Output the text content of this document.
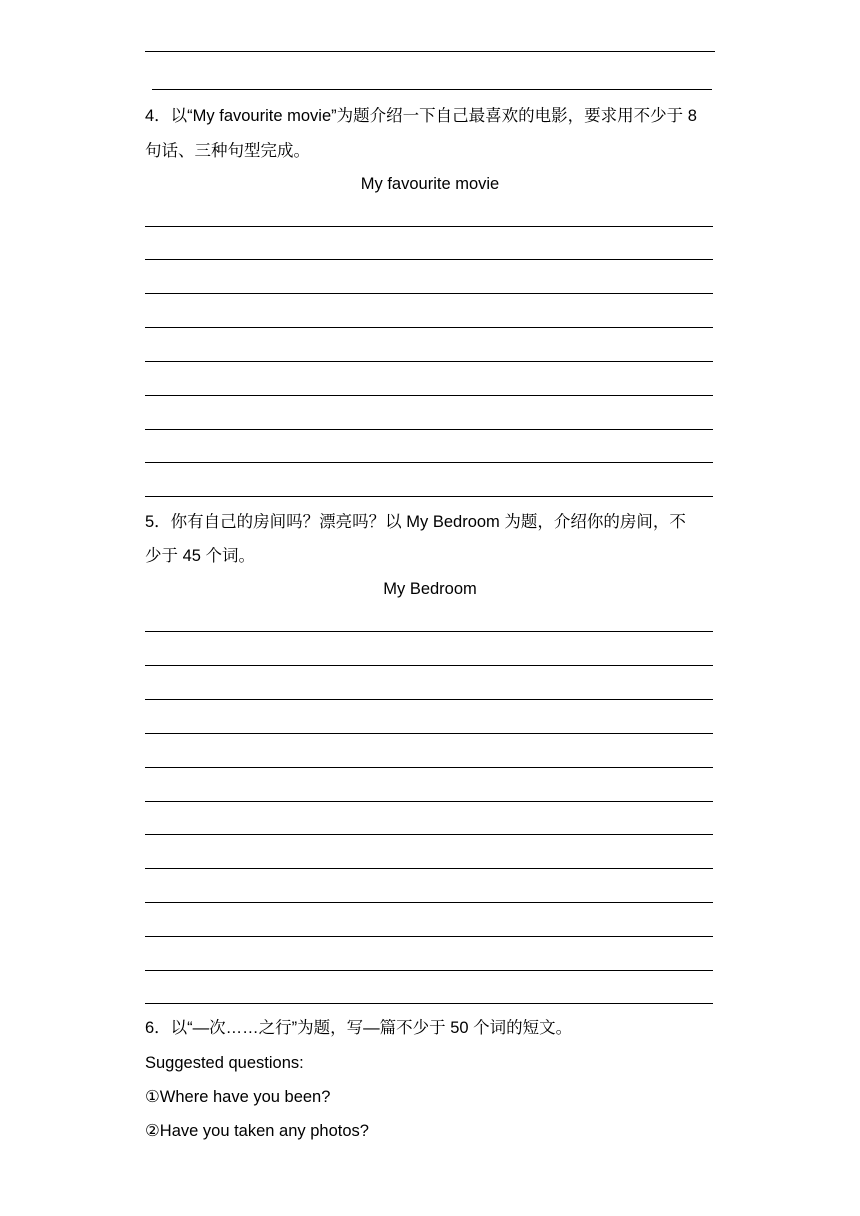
4．以“My favourite movie”为题介绍一下自己最喜欢的电影，要求用不少于 8
句话、三种句型完成。
My favourite movie
5．你有自己的房间吗？漂亮吗？以 My Bedroom 为题，介绍你的房间，不
少于 45 个词。
My Bedroom
6．以“—次……之行”为题，写—篇不少于 50 个词的短文。
Suggested questions:
①Where have you been?
②Have you taken any photos?
